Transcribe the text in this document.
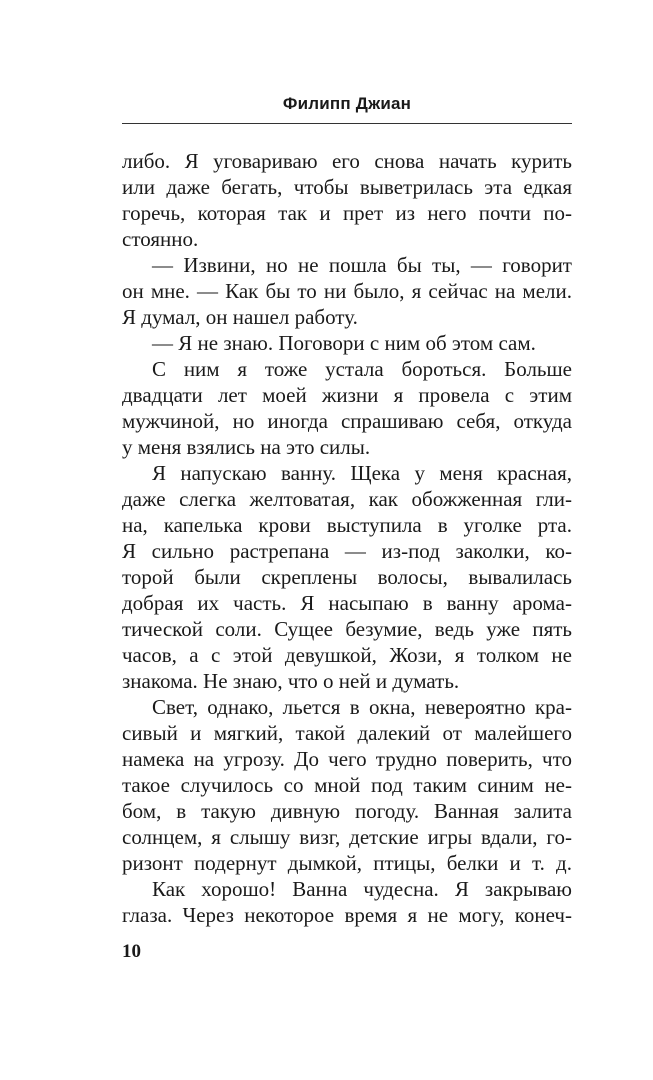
Филипп Джиан

либо. Я уговариваю его снова начать курить
или даже бегать, чтобы выветрилась эта едкая
горечь, которая так и прет из него почти по-
стоянно.

— Извини, но не пошла бы ты, — говорит
он мне. — Как бы то ни было, я сейчас на мели.
Я думал, он нашел работу.

— Я не знаю. Поговори с ним об этом сам.

С ним я тоже устала бороться. Больше
двадцати лет моей жизни я провела с этим
мужчиной, но иногда спрашиваю себя, откуда
у меня взялись на это силы.

Я напускаю ванну. Щека у меня красная,
даже слегка желтоватая, как обожженная гли-
на, капелька крови выступила в уголке рта.
Я сильно растрепана — из-под заколки, ко-
торой были скреплены волосы, вывалилась
добрая их часть. Я насыпаю в ванну арома-
тической соли. Сущее безумие, ведь уже пять
часов, а с этой девушкой, Жози, я толком не
знакома. Не знаю, что о ней и думать.

Свет, однако, льется в окна, невероятно кра-
сивый и мягкий, такой далекий от малейшего
намека на угрозу. До чего трудно поверить, что
такое случилось со мной под таким синим не-
бом, в такую дивную погоду. Ванная залита
солнцем, я слышу визг, детские игры вдали, го-
ризонт подернут дымкой, птицы, белки и т. д.

Как хорошо! Ванна чудесна. Я закрываю
глаза. Через некоторое время я не могу, конеч-

10
